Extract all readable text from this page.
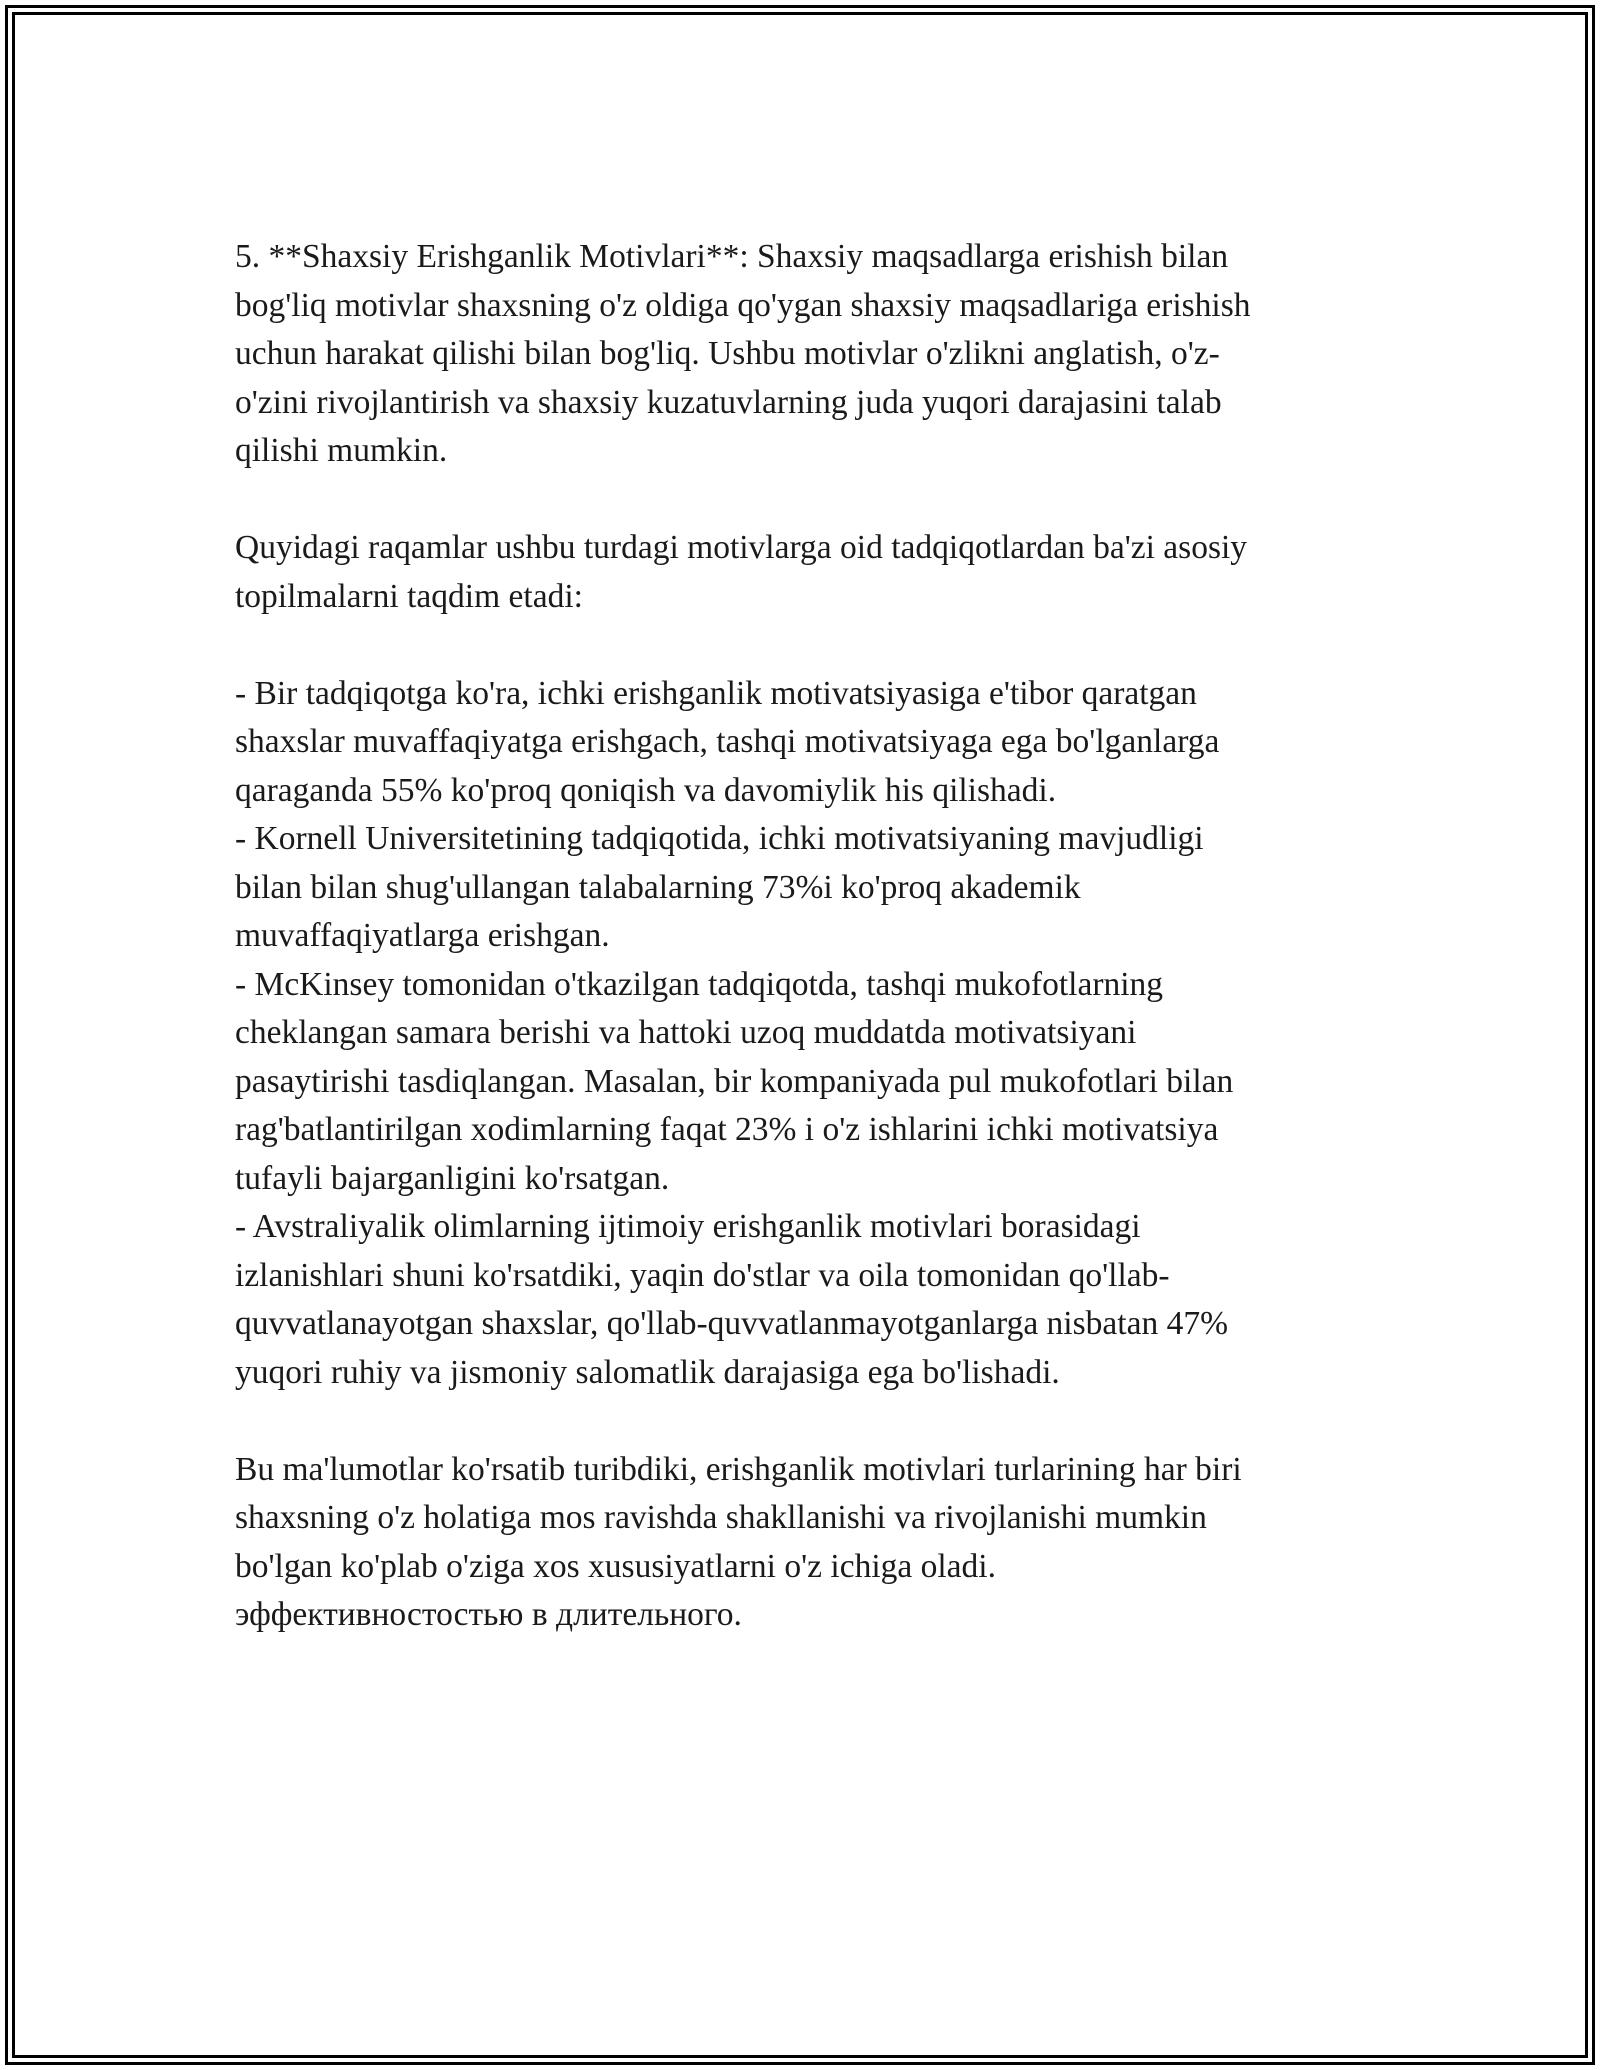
5. **Shaxsiy Erishganlik Motivlari**: Shaxsiy maqsadlarga erishish bilan
bog'liq motivlar shaxsning o'z oldiga qo'ygan shaxsiy maqsadlariga erishish
uchun harakat qilishi bilan bog'liq. Ushbu motivlar o'zlikni anglatish, o'z-
o'zini rivojlantirish va shaxsiy kuzatuvlarning juda yuqori darajasini talab
qilishi mumkin.

Quyidagi raqamlar ushbu turdagi motivlarga oid tadqiqotlardan ba'zi asosiy
topilmalarni taqdim etadi:

- Bir tadqiqotga ko'ra, ichki erishganlik motivatsiyasiga e'tibor qaratgan
shaxslar muvaffaqiyatga erishgach, tashqi motivatsiyaga ega bo'lganlarga
qaraganda 55% ko'proq qoniqish va davomiylik his qilishadi.

- Kornell Universitetining tadqiqotida, ichki motivatsiyaning mavjudligi
bilan bilan shug'ullangan talabalarning 73%i ko'proq akademik
muvaffaqiyatlarga erishgan.

- McKinsey tomonidan o'tkazilgan tadqiqotda, tashqi mukofotlarning
cheklangan samara berishi va hattoki uzoq muddatda motivatsiyani
pasaytirishi tasdiqlangan. Masalan, bir kompaniyada pul mukofotlari bilan
rag'batlantirilgan xodimlarning faqat 23% i o'z ishlarini ichki motivatsiya
tufayli bajarganligini ko'rsatgan.

- Avstraliyalik olimlarning ijtimoiy erishganlik motivlari borasidagi
izlanishlari shuni ko'rsatdiki, yaqin do'stlar va oila tomonidan qo'llab-
quvvatlanayotgan shaxslar, qo'llab-quvvatlanmayotganlarga nisbatan 47%
yuqori ruhiy va jismoniy salomatlik darajasiga ega bo'lishadi.

Bu ma'lumotlar ko'rsatib turibdiki, erishganlik motivlari turlarining har biri
shaxsning o'z holatiga mos ravishda shakllanishi va rivojlanishi mumkin
bo'lgan ko'plab o'ziga xos xususiyatlarni o'z ichiga oladi.
эффективностостью в длительного.
